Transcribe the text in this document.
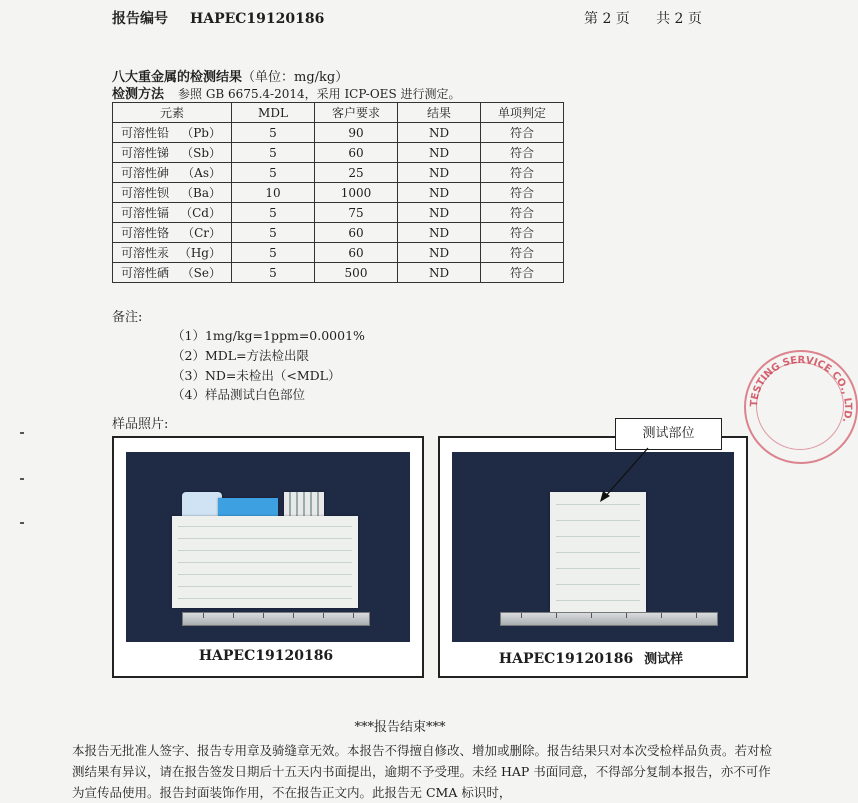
报告编号 HAPEC19120186	第 2 页 共 2 页
八大重金属的检测结果（单位：mg/kg）
检测方法 参照 GB 6675.4-2014，采用 ICP-OES 进行测定。
元素	MDL	客户要求	结果	单项判定
可溶性铅 （Pb）	5	90	ND	符合
可溶性锑 （Sb）	5	60	ND	符合
可溶性砷 （As）	5	25	ND	符合
可溶性钡 （Ba）	10	1000	ND	符合
可溶性镉 （Cd）	5	75	ND	符合
可溶性铬 （Cr）	5	60	ND	符合
可溶性汞 （Hg）	5	60	ND	符合
可溶性硒 （Se）	5	500	ND	符合
备注:
（1）1mg/kg=1ppm=0.0001%
（2）MDL=方法检出限
（3）ND=未检出（<MDL）
（4）样品测试白色部位
样品照片:
HAPEC19120186	HAPEC19120186 测试样
测试部位
TESTING SERVICE CO., LTD.
***报告结束***
本报告无批准人签字、报告专用章及骑缝章无效。本报告不得擅自修改、增加或删除。报告结果只对本次受检样品负责。若对检测结果有异议，请在报告签发日期后十五天内书面提出，逾期不予受理。未经 HAP 书面同意，不得部分复制本报告，亦不可作为宣传品使用。报告封面装饰作用，不在报告正文内。此报告无 CMA 标识时，
